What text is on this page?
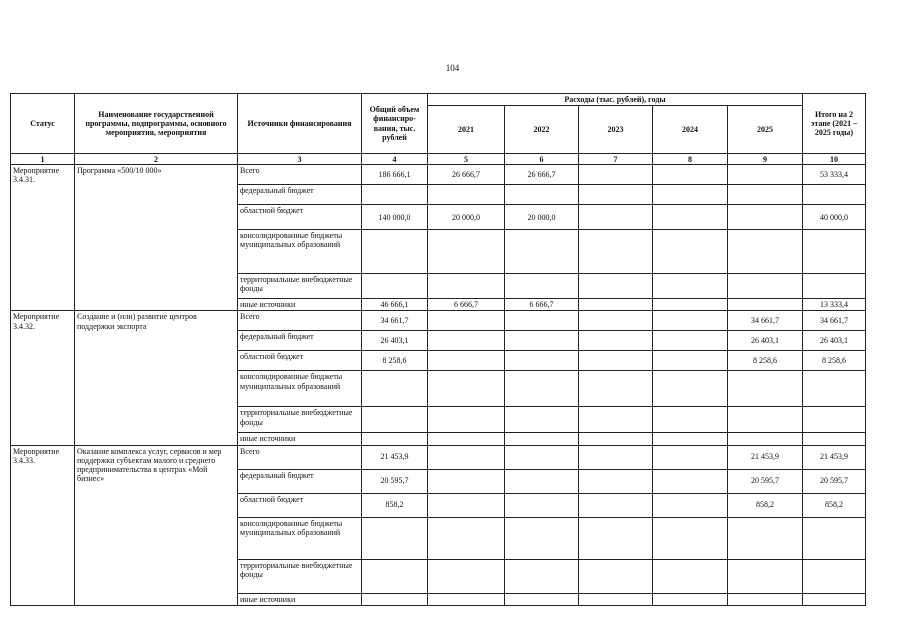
104
Статус	Наименование государственной программы, подпрограммы, основного мероприятия, мероприятия	Источники финансирования	Общий объем финансиро-вания, тыс. рублей	Расходы (тыс. рублей), годы					Итого на 2 этапе (2021 – 2025 годы)
				2021	2022	2023	2024	2025	
1	2	3	4	5	6	7	8	9	10
Мероприятие 3.4.31.	Программа «500/10 000»	Всего	186 666,1	26 666,7	26 666,7				53 333,4
		федеральный бюджет							
		областной бюджет	140 000,0	20 000,0	20 000,0				40 000,0
		консолидированные бюджеты муниципальных образований							
		территориальные внебюджетные фонды							
		иные источники	46 666,1	6 666,7	6 666,7				13 333,4
Мероприятие 3.4.32.	Создание и (или) развитие центров поддержки экспорта	Всего	34 661,7					34 661,7	34 661,7
		федеральный бюджет	26 403,1					26 403,1	26 403,1
		областной бюджет	8 258,6					8 258,6	8 258,6
		консолидированные бюджеты муниципальных образований							
		территориальные внебюджетные фонды							
		иные источники							
Мероприятие 3.4.33.	Оказание комплекса услуг, сервисов и мер поддержки субъектам малого и среднего предпринимательства в центрах «Мой бизнес»	Всего	21 453,9					21 453,9	21 453,9
		федеральный бюджет	20 595,7					20 595,7	20 595,7
		областной бюджет	858,2					858,2	858,2
		консолидированные бюджеты муниципальных образований							
		территориальные внебюджетные фонды							
		иные источники							
